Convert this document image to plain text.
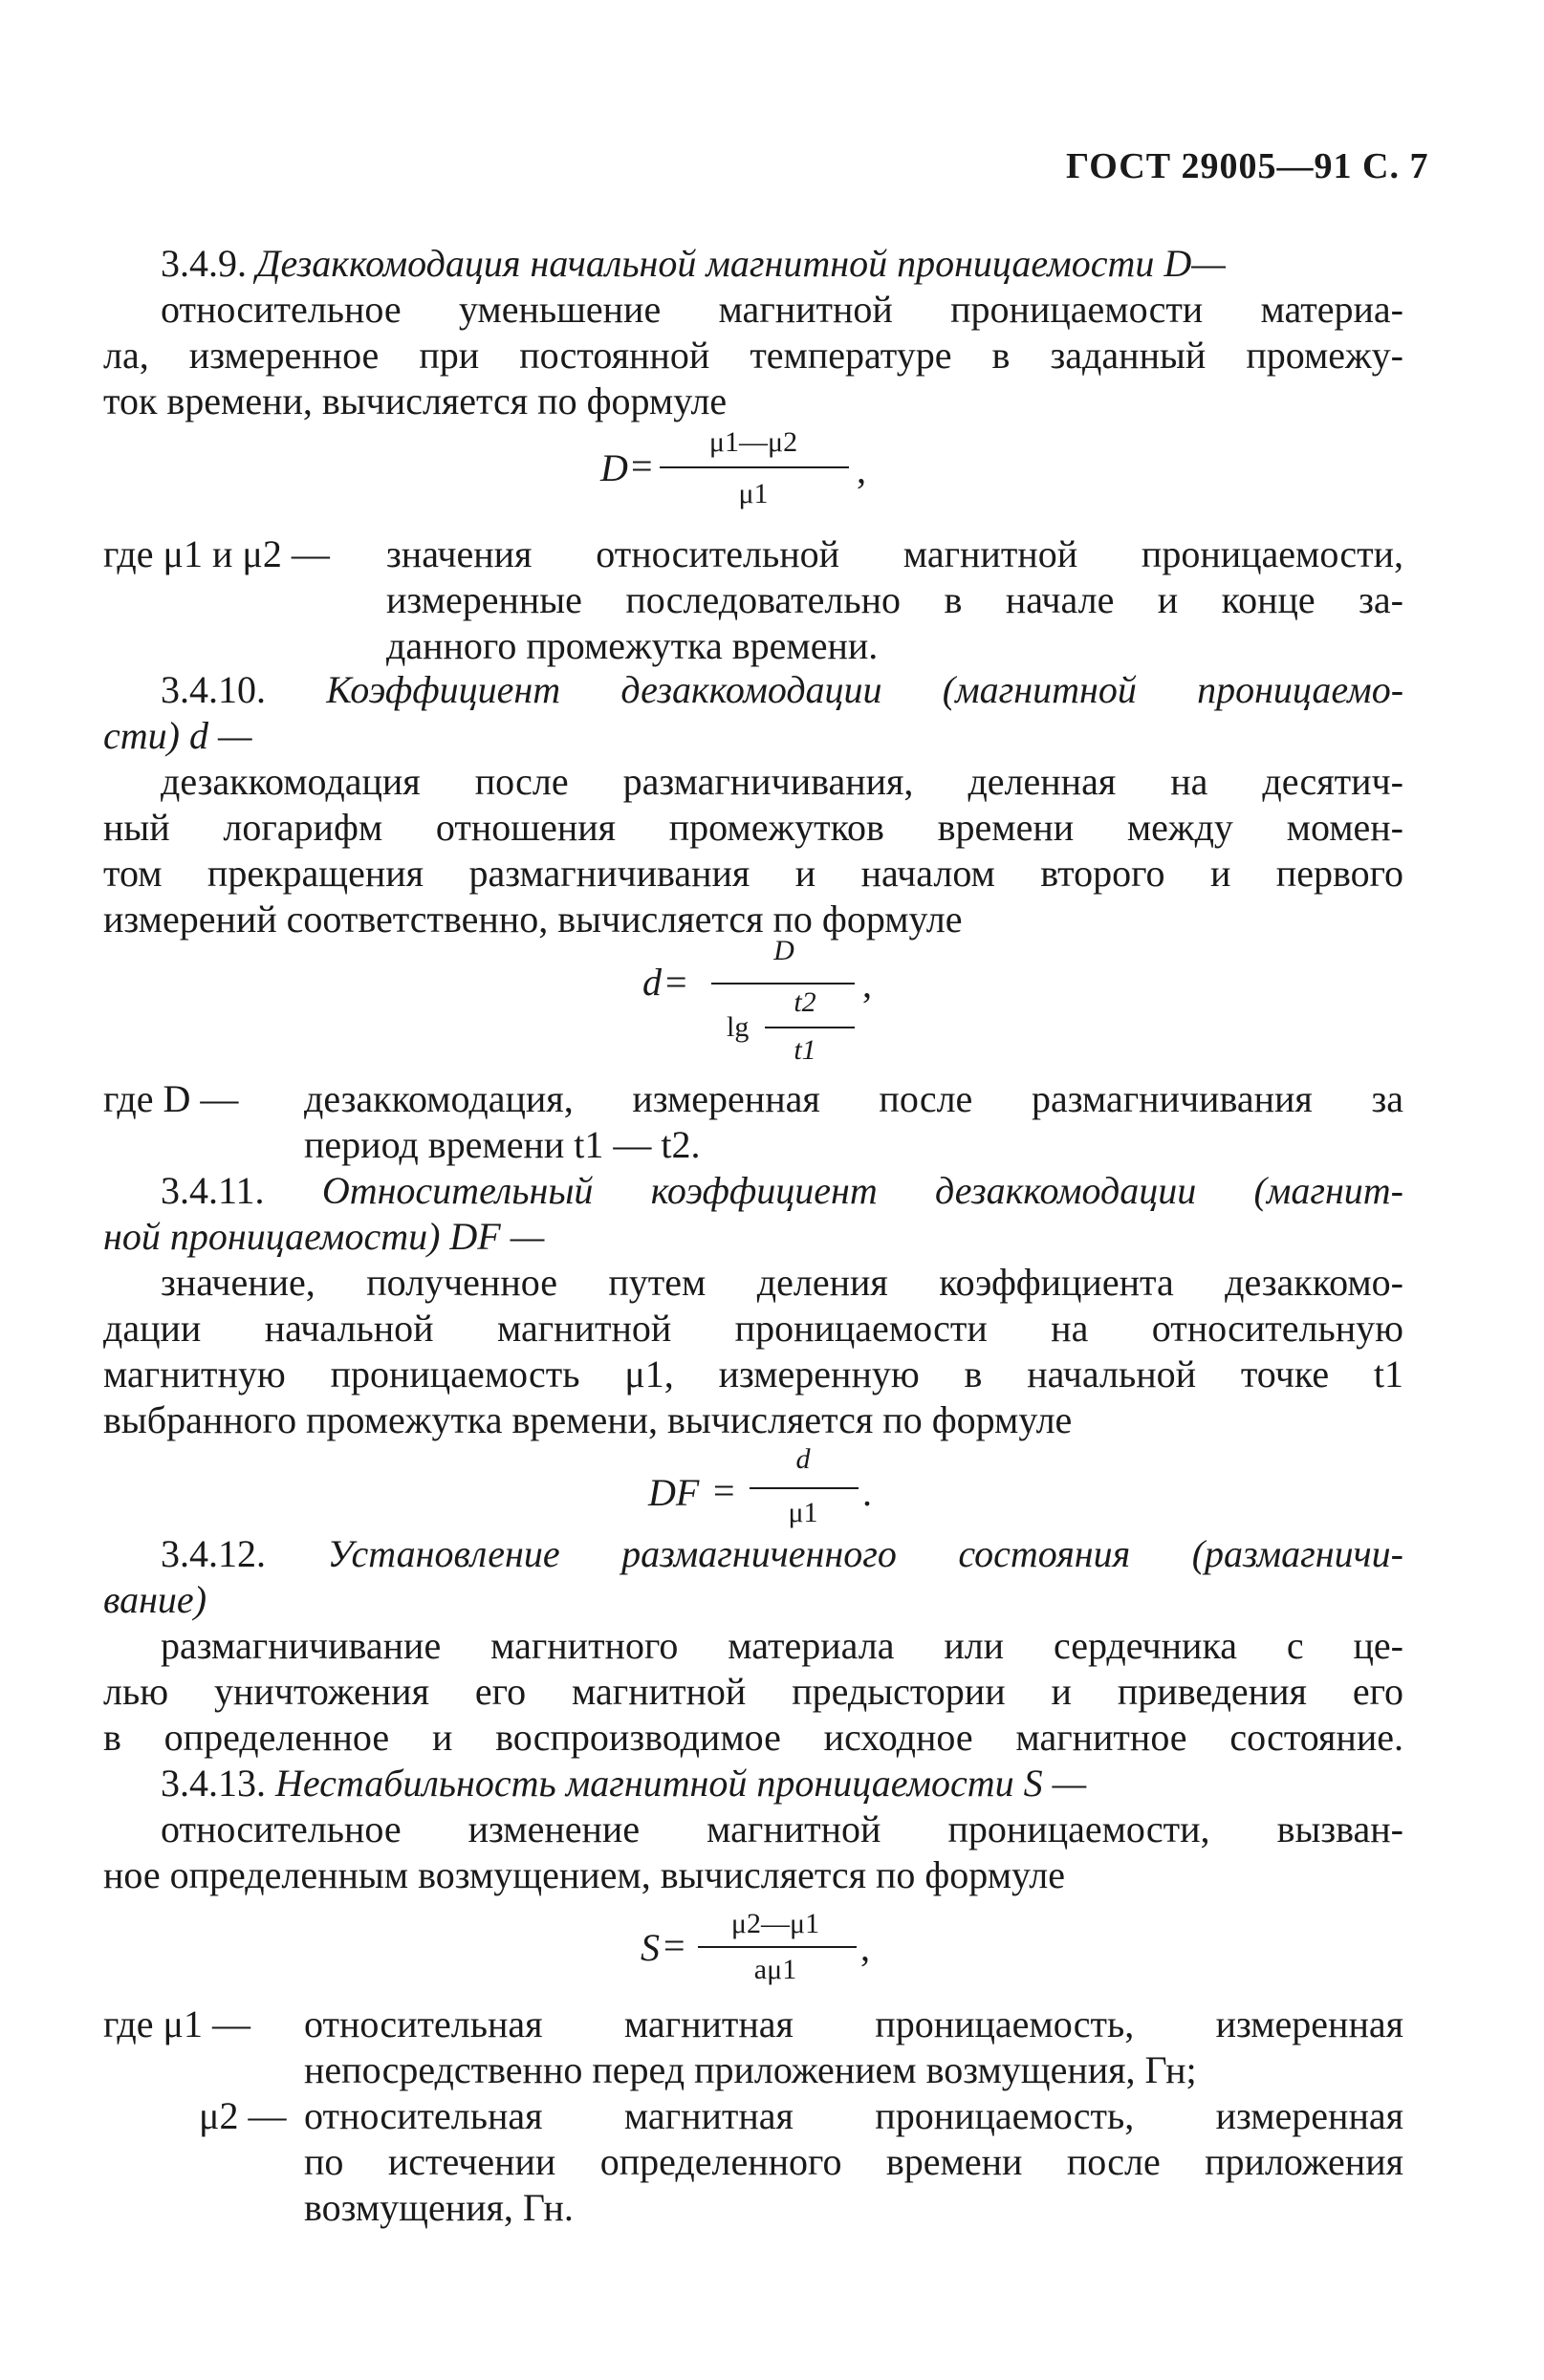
ГОСТ 29005—91 С. 7
3.4.9. Дезаккомодация начальной магнитной проницаемости D—
относительное уменьшение магнитной проницаемости материа-
ла, измеренное при постоянной температуре в заданный промежу-
ток времени, вычисляется по формуле
D =
μ1—μ2
μ1
,
где μ1 и μ2 — значения относительной магнитной проницаемости,
измеренные последовательно в начале и конце за-
данного промежутка времени.
3.4.10. Коэффициент дезаккомодации (магнитной проницаемо-
сти) d —
дезаккомодация после размагничивания, деленная на десятич-
ный логарифм отношения промежутков времени между момен-
том прекращения размагничивания и началом второго и первого
измерений соответственно, вычисляется по формуле
d =
D
lg
t2
t1
,
где D — дезаккомодация, измеренная после размагничивания за
период времени t1 — t2.
3.4.11. Относительный коэффициент дезаккомодации (магнит-
ной проницаемости) DF —
значение, полученное путем деления коэффициента дезаккомо-
дации начальной магнитной проницаемости на относительную
магнитную проницаемость μ1, измеренную в начальной точке t1
выбранного промежутка времени, вычисляется по формуле
DF =
d
μ1	.
3.4.12. Установление размагниченного состояния (размагничи-
вание)
размагничивание магнитного материала или сердечника с це-
лью уничтожения его магнитной предыстории и приведения его
в определенное и воспроизводимое исходное магнитное состояние.
3.4.13. Нестабильность магнитной проницаемости S —
относительное изменение магнитной проницаемости, вызван-
ное определенным возмущением, вычисляется по формуле
S =
μ2—μ1
aμ1
,
где μ1 — относительная магнитная проницаемость, измеренная
непосредственно перед приложением возмущения, Гн;
μ2 — относительная магнитная проницаемость, измеренная
по истечении определенного времени после приложения
возмущения, Гн.
